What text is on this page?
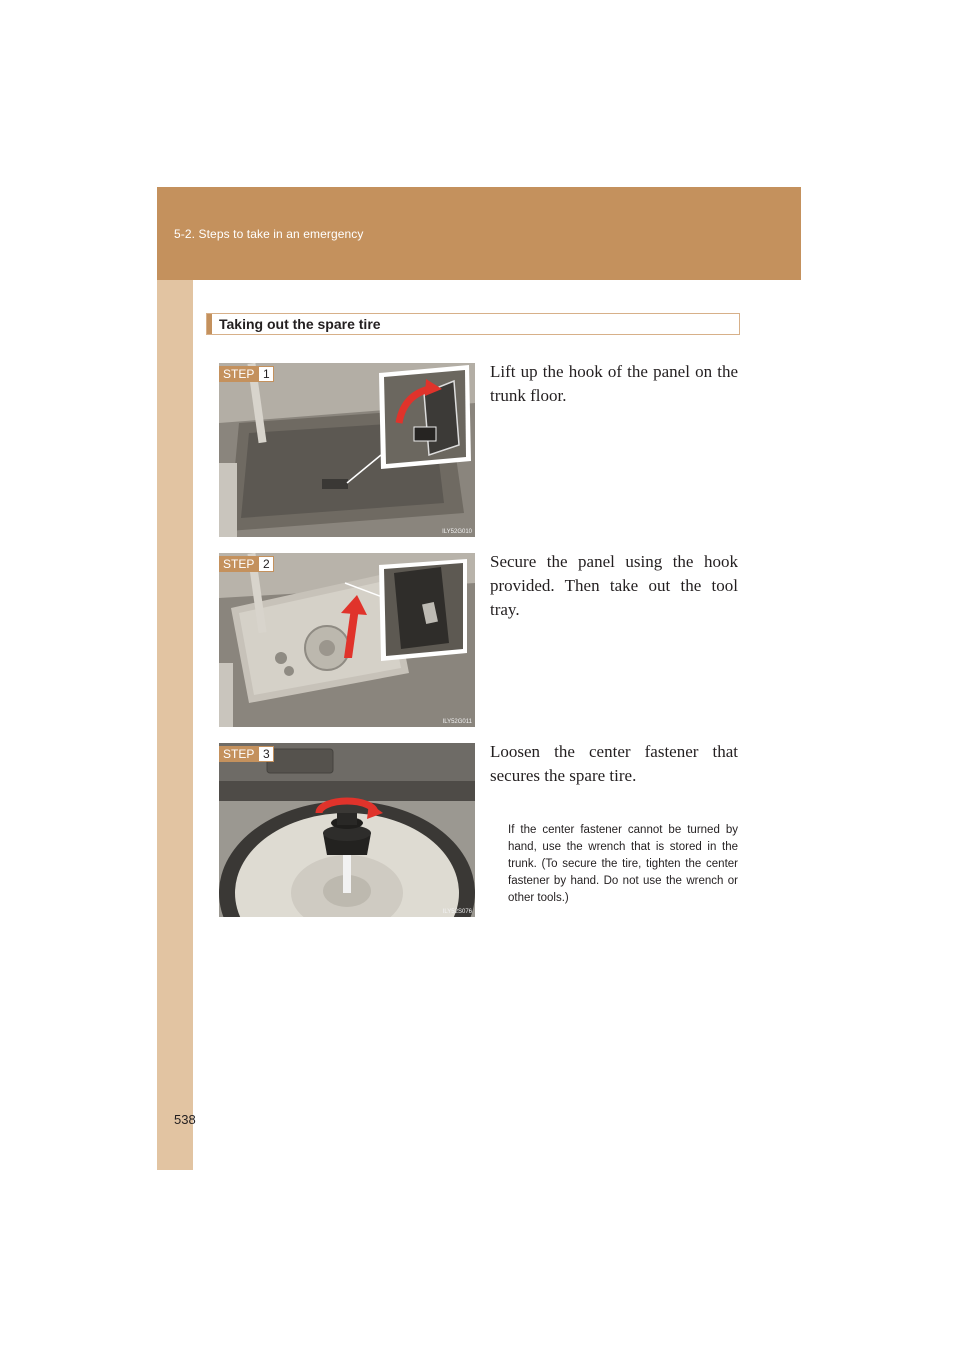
5-2. Steps to take in an emergency
Taking out the spare tire
STEP 1
ILY52G010
Lift up the hook of the panel on the trunk floor.
STEP 2
ILY52G011
Secure the panel using the hook provided. Then take out the tool tray.
STEP 3
ILY52S076
Loosen the center fastener that secures the spare tire.
If the center fastener cannot be turned by hand, use the wrench that is stored in the trunk. (To secure the tire, tighten the center fastener by hand. Do not use the wrench or other tools.)
538
